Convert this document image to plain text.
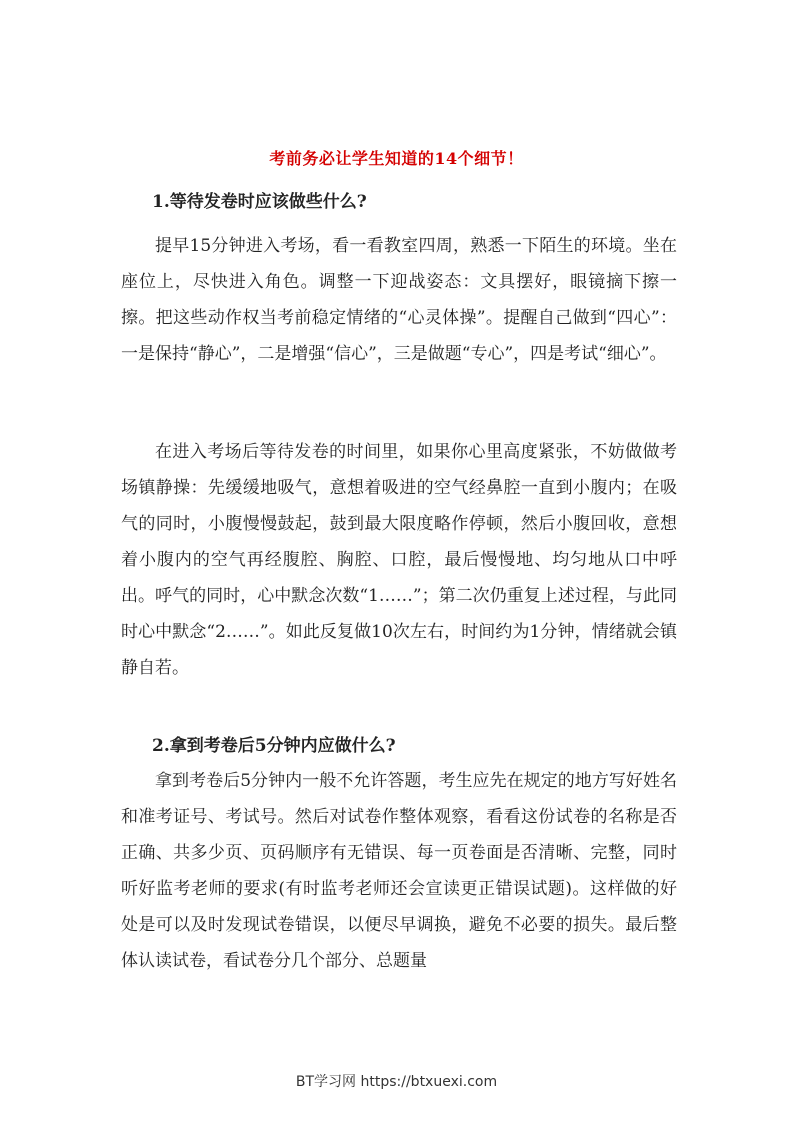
考前务必让学生知道的14个细节！
1.等待发卷时应该做些什么?

提早15分钟进入考场，看一看教室四周，熟悉一下陌生的环境。坐在座位上，尽快进入角色。调整一下迎战姿态：文具摆好，眼镜摘下擦一擦。把这些动作权当考前稳定情绪的“心灵体操”。提醒自己做到“四心”：一是保持“静心”，二是增强“信心”，三是做题“专心”，四是考试“细心”。

在进入考场后等待发卷的时间里，如果你心里高度紧张，不妨做做考场镇静操：先缓缓地吸气，意想着吸进的空气经鼻腔一直到小腹内；在吸气的同时，小腹慢慢鼓起，鼓到最大限度略作停顿，然后小腹回收，意想着小腹内的空气再经腹腔、胸腔、口腔，最后慢慢地、均匀地从口中呼出。呼气的同时，心中默念次数“1……”；第二次仍重复上述过程，与此同时心中默念“2……”。如此反复做10次左右，时间约为1分钟，情绪就会镇静自若。

2.拿到考卷后5分钟内应做什么?

拿到考卷后5分钟内一般不允许答题，考生应先在规定的地方写好姓名和准考证号、考试号。然后对试卷作整体观察，看看这份试卷的名称是否正确、共多少页、页码顺序有无错误、每一页卷面是否清晰、完整，同时听好监考老师的要求(有时监考老师还会宣读更正错误试题)。这样做的好处是可以及时发现试卷错误，以便尽早调换，避免不必要的损失。最后整体认读试卷，看试卷分几个部分、总题量

BT学习网 https://btxuexi.com
